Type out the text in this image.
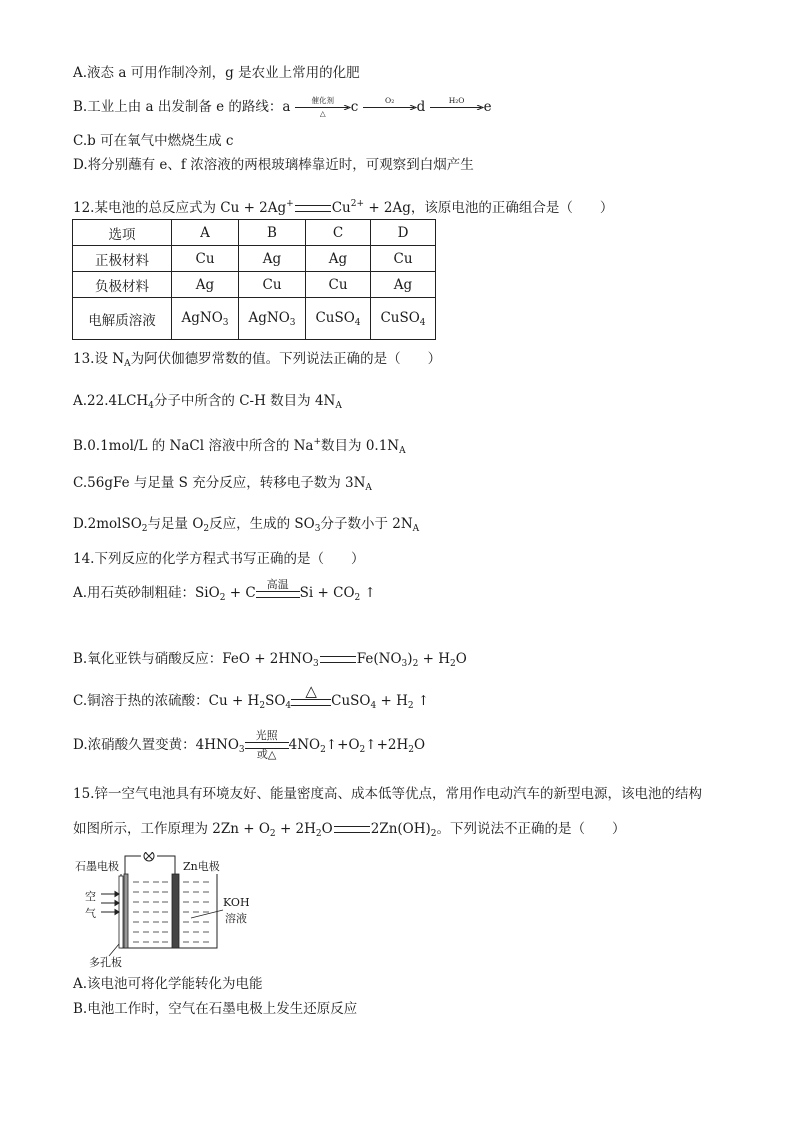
A.液态 a 可用作制冷剂，g 是农业上常用的化肥
B.工业上由 a 出发制备 e 的路线：a	催化剂
△	c	O₂
	d	H₂O
	e
C.b 可在氧气中燃烧生成 c
D.将分别蘸有 e、f 浓溶液的两根玻璃棒靠近时，可观察到白烟产生
12.某电池的总反应式为 Cu + 2Ag+	$Cu^{2+} + 2Ag$，该原电池的正确组合是（　　）
选项	A	B	C	D
正极材料	Cu	Ag	Ag	Cu
负极材料	Ag	Cu	Cu	Ag
电解质溶液	AgNO$_3$	AgNO$_3$	CuSO$_4$	CuSO$_4$
13.设 $N_A$为阿伏伽德罗常数的值。下列说法正确的是（　　）
$A.22.4LCH_4$分子中所含的 C-H 数目为 $4N_A$
B.0.1mol/L 的 NaCl 溶液中所含的 Na+数目为 $0.1N_A$
C.56gFe 与足量 S 充分反应，转移电子数为 $3N_A$
D.2molSO$_2$与足量 $O_2$反应，生成的 $SO_3$分子数小于 $2N_A$
14.下列反应的化学方程式书写正确的是（　　）
A.用石英砂制粗硅：SiO$_2$ + C
高温
$Si + CO_2$ ↑
B.氧化亚铁与硝酸反应：FeO + $2HNO_3$	$Fe(NO_3)_2 + H_2O$
C.铜溶于热的浓硫酸：$Cu + H_2SO_4$
△
CuSO$_4$ + $H_2$ ↑
D.浓硝酸久置变黄：$4HNO_3$
光照
或△
$4NO_2↑+O_2↑+2H_2O$
15.锌一空气电池具有环境友好、能量密度高、成本低等优点，常用作电动汽车的新型电源，该电池的结构
如图所示，工作原理为 $2Zn + O_2 + 2H_2O$	$2Zn(OH)_2$。下列说法不正确的是（　　）
石墨电极	Zn电极
空
气
KOH
溶液
多孔板
A.该电池可将化学能转化为电能
B.电池工作时，空气在石墨电极上发生还原反应
